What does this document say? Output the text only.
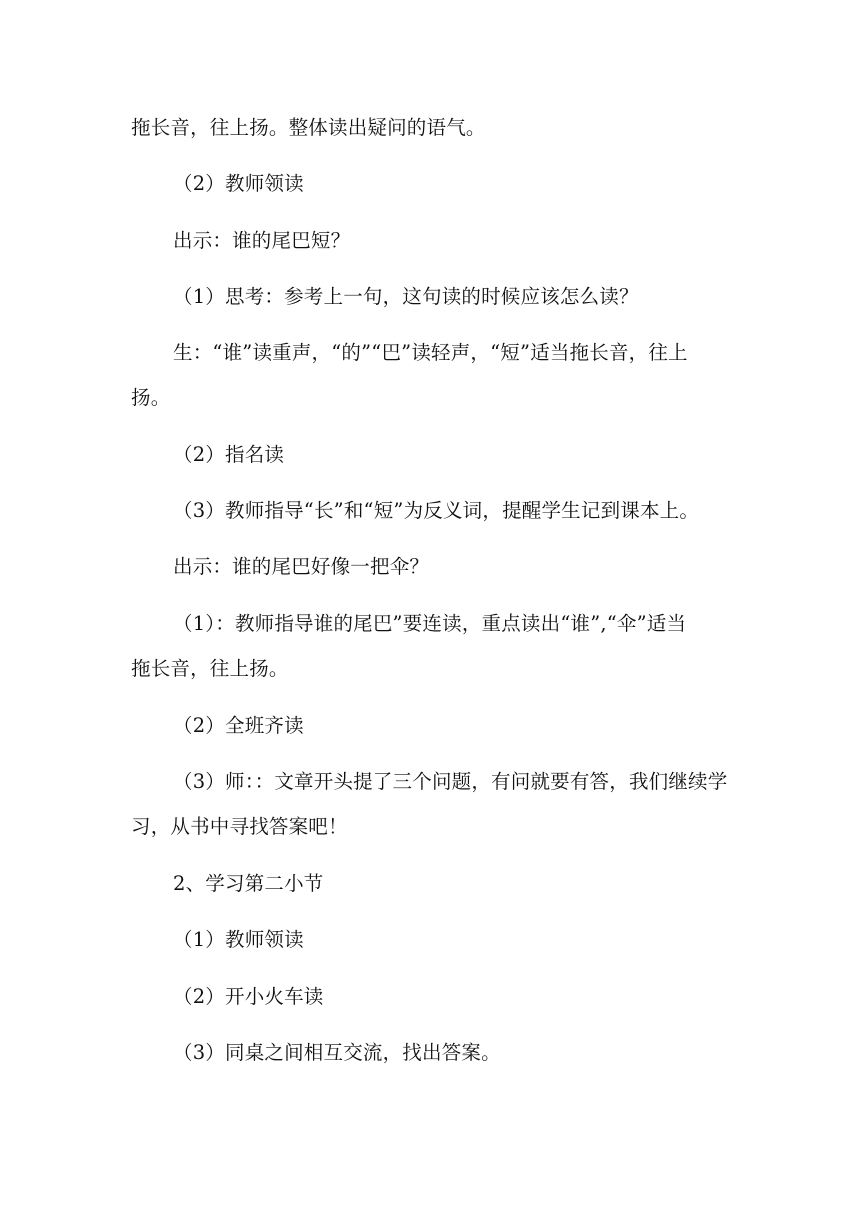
拖长音，往上扬。整体读出疑问的语气。
（2）教师领读
出示：谁的尾巴短？
（1）思考：参考上一句，这句读的时候应该怎么读？
生：“谁”读重声，“的”“巴”读轻声，“短”适当拖长音，往上
扬。
（2）指名读
（3）教师指导“长”和“短”为反义词，提醒学生记到课本上。
出示：谁的尾巴好像一把伞？
（1）：教师指导谁的尾巴”要连读，重点读出“谁”,“伞”适当
拖长音，往上扬。
（2）全班齐读
（3）师：：文章开头提了三个问题，有问就要有答，我们继续学
习，从书中寻找答案吧！
2、学习第二小节
（1）教师领读
（2）开小火车读
（3）同桌之间相互交流，找出答案。
